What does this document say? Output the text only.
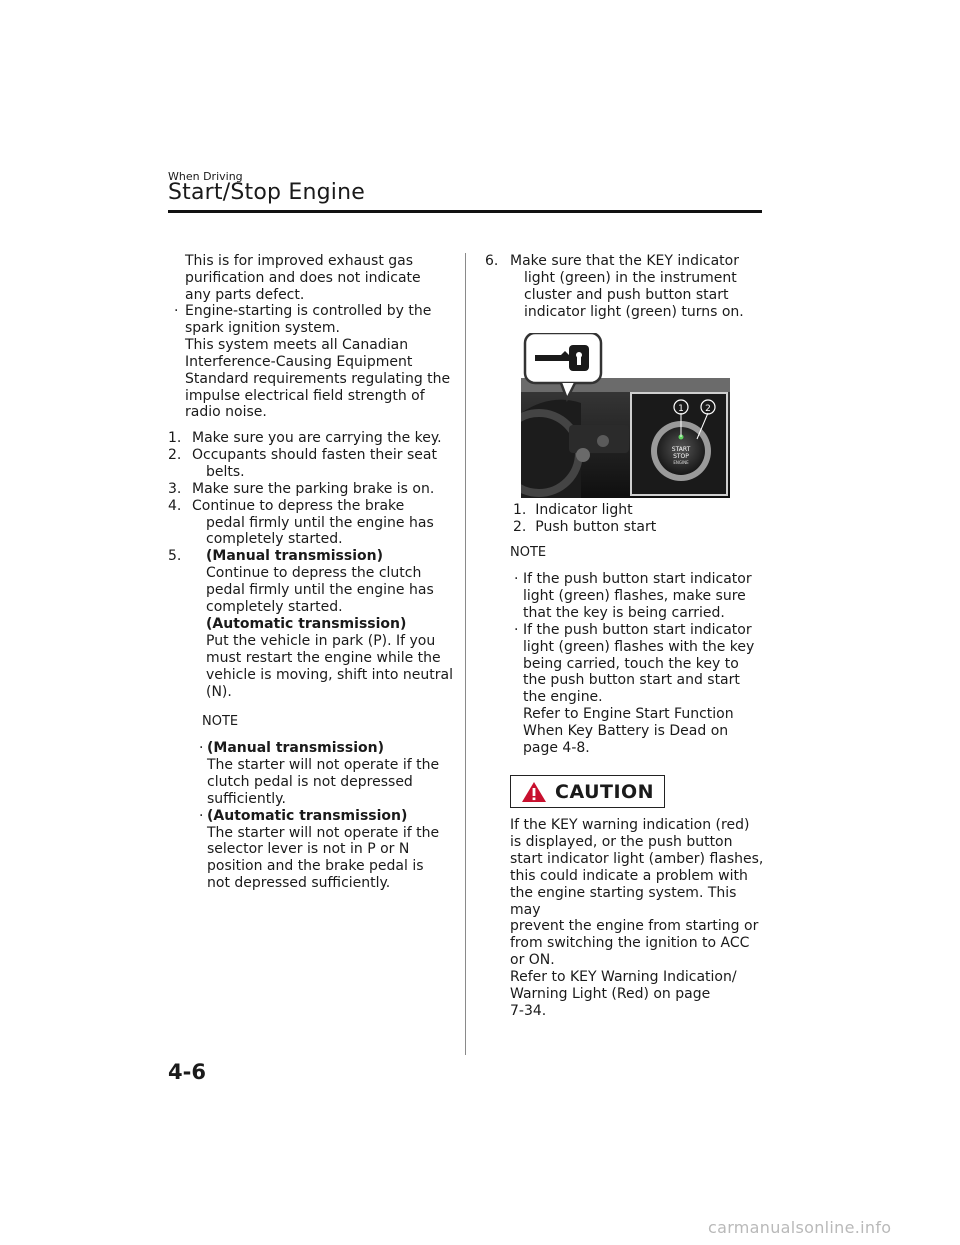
When Driving
Start/Stop Engine

This is for improved exhaust gas

purification and does not indicate

any parts defect.

· Engine-starting is controlled by the

spark ignition system.

This system meets all Canadian

Interference-Causing Equipment

Standard requirements regulating the

impulse electrical field strength of

radio noise.

1. Make sure you are carrying the key.

2. Occupants should fasten their seat

belts.

3. Make sure the parking brake is on.

4. Continue to depress the brake

pedal firmly until the engine has

completely started.

5.	(Manual transmission)

Continue to depress the clutch

pedal firmly until the engine has

completely started.

(Automatic transmission)

Put the vehicle in park (P). If you

must restart the engine while the

vehicle is moving, shift into neutral

(N).

NOTE
· (Manual transmission)

The starter will not operate if the

clutch pedal is not depressed

sufficiently.

· (Automatic transmission)

The starter will not operate if the

selector lever is not in P or N

position and the brake pedal is

not depressed sufficiently.

6. Make sure that the KEY indicator

light (green) in the instrument

cluster and push button start

indicator light (green) turns on.

START
STOP
ENGINE
1 2
1. Indicator light
2. Push button start
NOTE
· If the push button start indicator

light (green) flashes, make sure

that the key is being carried.

· If the push button start indicator

light (green) flashes with the key

being carried, touch the key to

the push button start and start

the engine.

Refer to Engine Start Function

When Key Battery is Dead on

page 4-8.

CAUTION

If the KEY warning indication (red)

is displayed, or the push button

start indicator light (amber) flashes,

this could indicate a problem with

the engine starting system. This may

prevent the engine from starting or

from switching the ignition to ACC

or ON.

Refer to KEY Warning Indication/

Warning Light (Red) on page

7-34.

4-6
carmanualsonline.info
